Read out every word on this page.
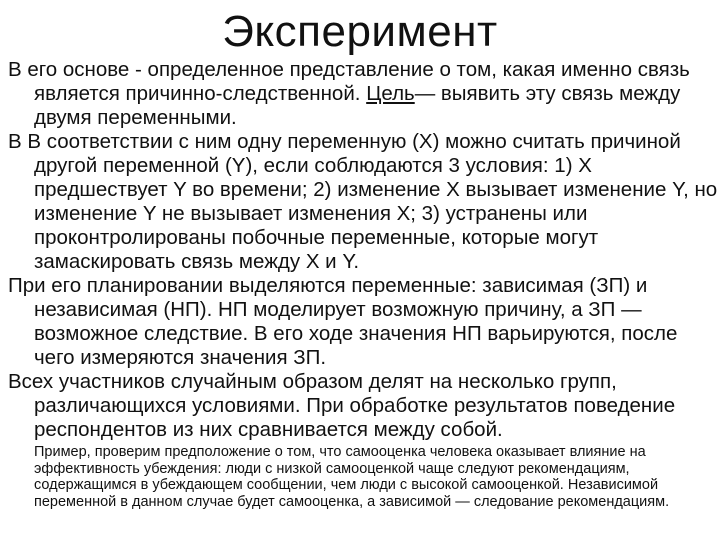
Эксперимент

В его основе - определенное представление о том, какая именно связь является причинно-следственной. Цель— выявить эту связь между двумя переменными.

В В соответствии с ним одну переменную (X) можно считать причиной другой переменной (Y), если соблюдаются 3 условия: 1) X предшествует Y во времени; 2) изменение X вызывает изменение Y, но изменение Y не вызывает изменения X; 3) устранены или проконтролированы побочные переменные, которые могут замаскировать связь между X и Y.

При его планировании выделяются переменные: зависимая (ЗП) и независимая (НП). НП моделирует возможную причину, а ЗП — возможное следствие. В его ходе значения НП варьируются, после чего измеряются значения ЗП.

Всех участников случайным образом делят на несколько групп, различающихся условиями. При обработке результатов поведение респондентов из них сравнивается между собой.

Пример, проверим предположение о том, что самооценка человека оказывает влияние на эффективность убеждения: люди с низкой самооценкой чаще следуют рекомендациям, содержащимся в убеждающем сообщении, чем люди с высокой самооценкой. Независимой переменной в данном случае будет самооценка, а зависимой — следование рекомендациям.
